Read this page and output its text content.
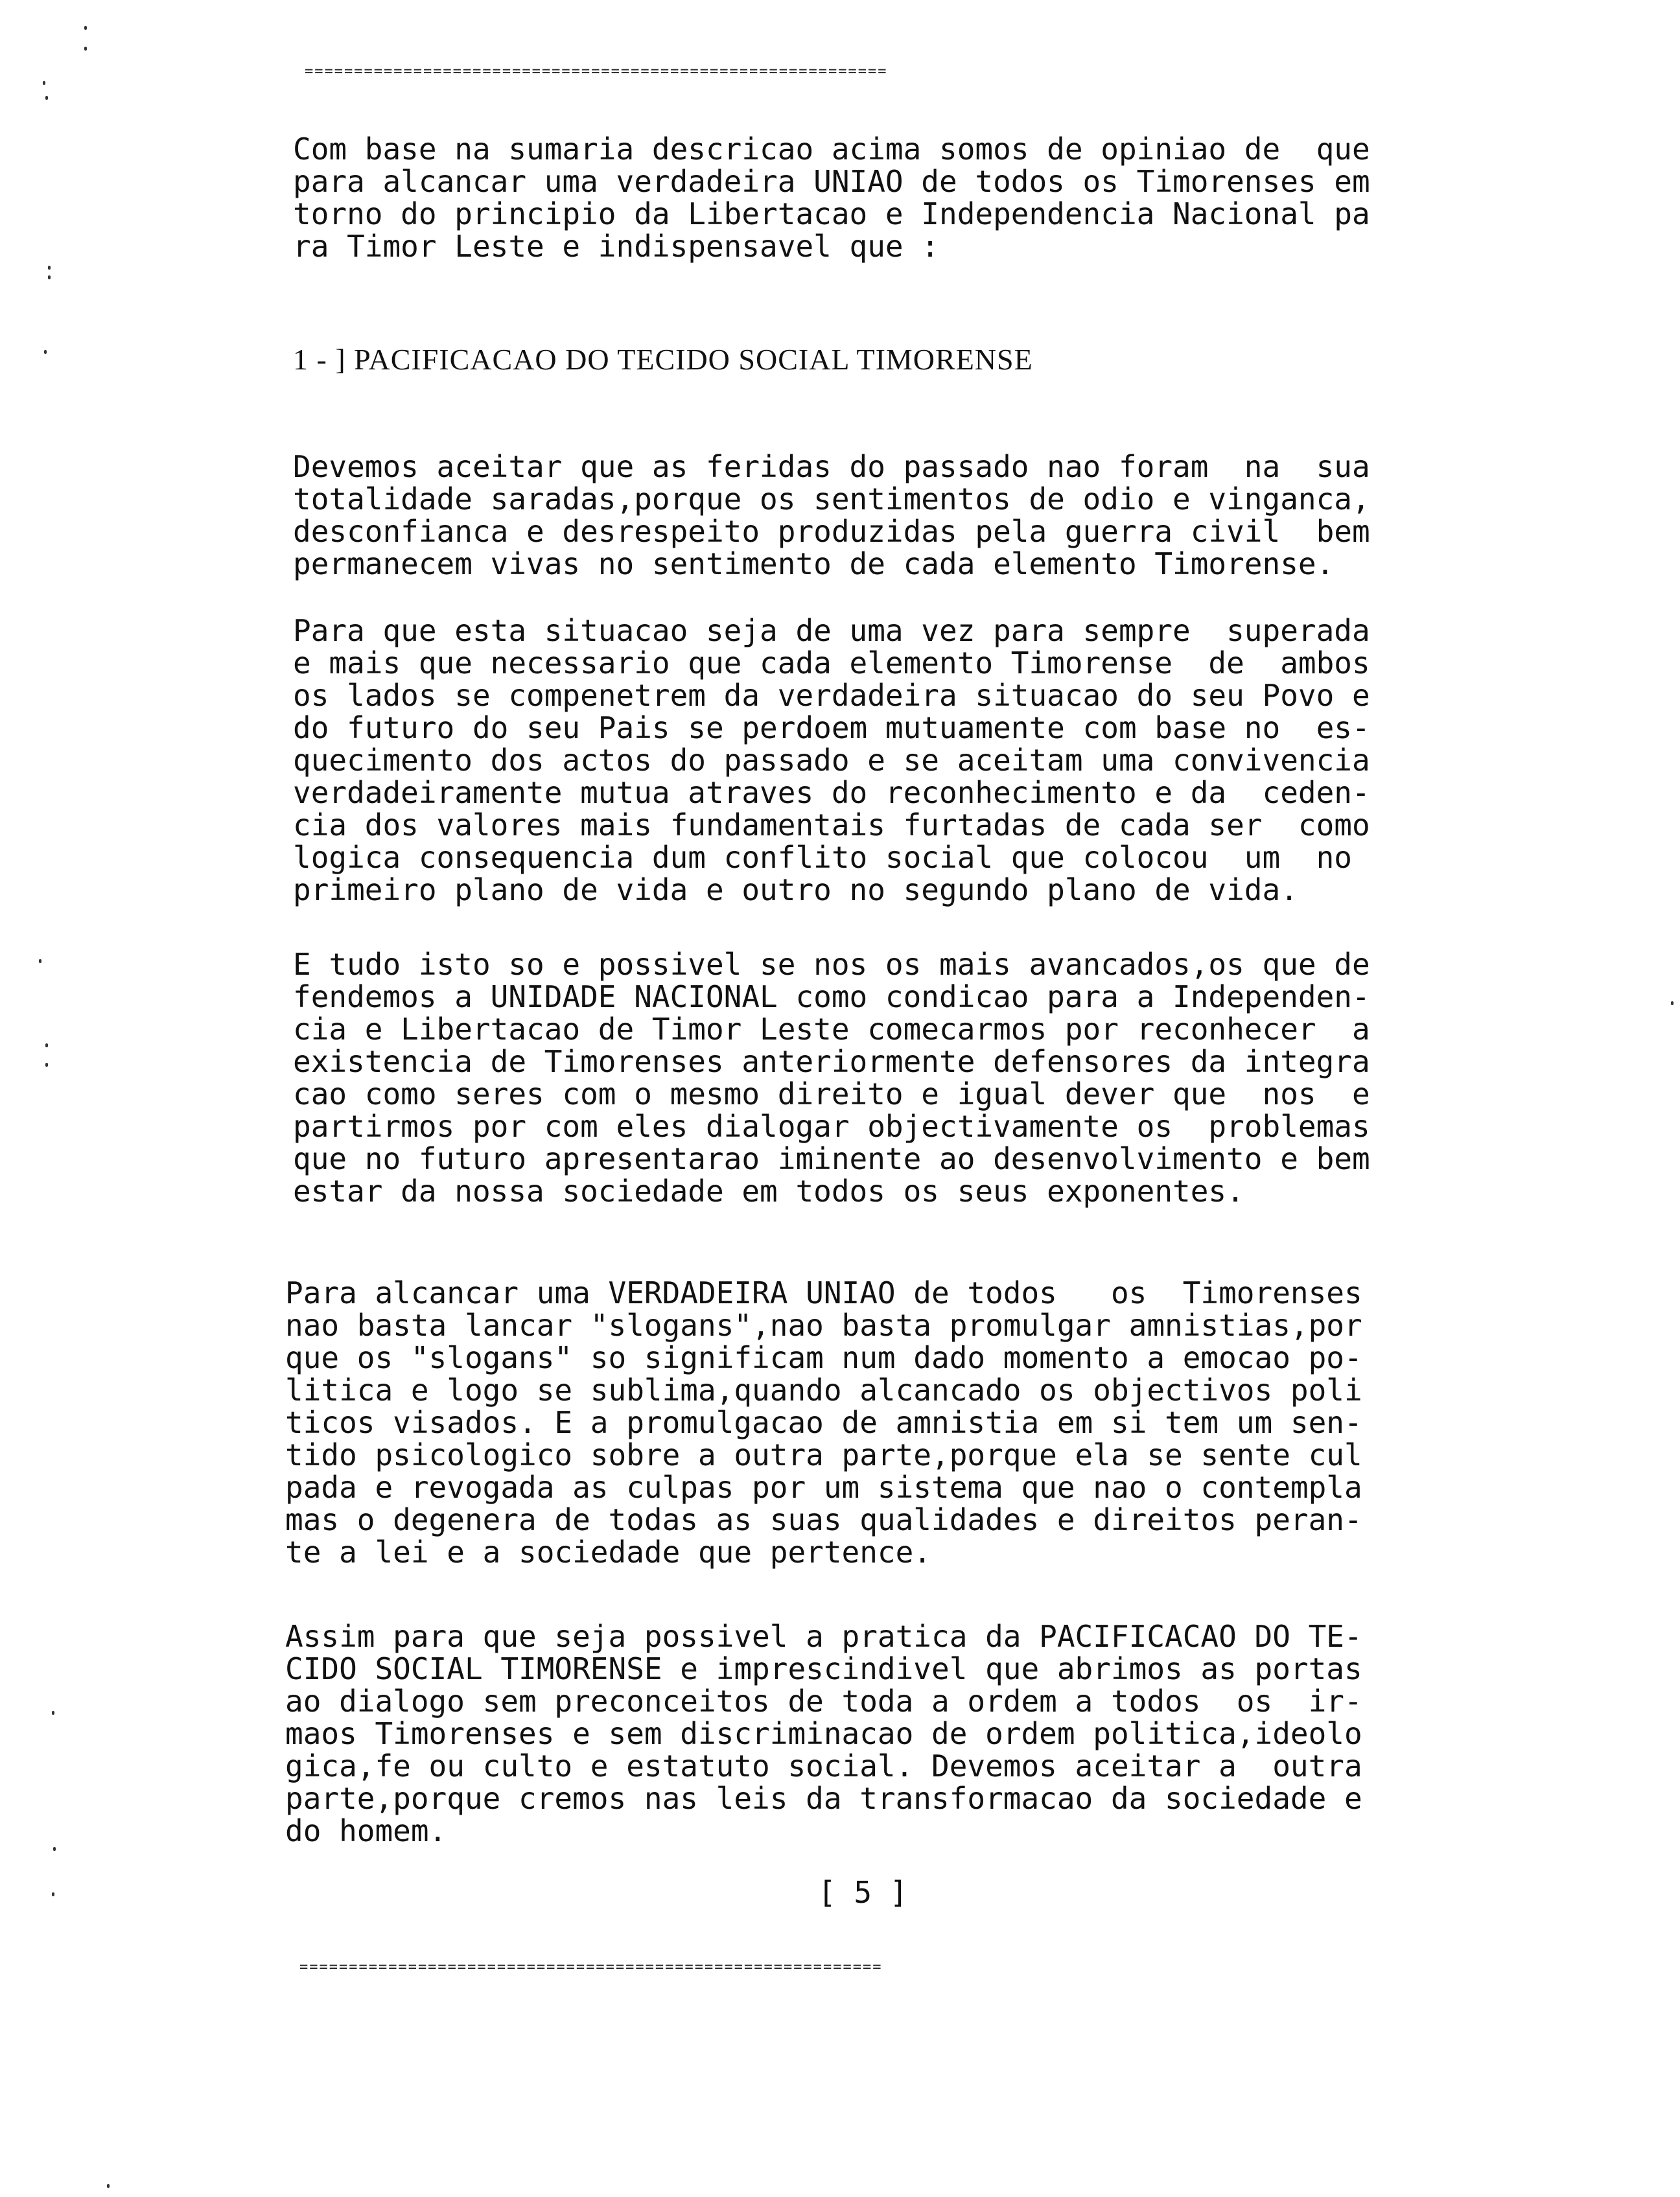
===========================================================
Com base na sumaria descricao acima somos de opiniao de  que
para alcancar uma verdadeira UNIAO de todos os Timorenses em
torno do principio da Libertacao e Independencia Nacional pa
ra Timor Leste e indispensavel que :
1 - ] PACIFICACAO DO TECIDO SOCIAL TIMORENSE
Devemos aceitar que as feridas do passado nao foram  na  sua
totalidade saradas,porque os sentimentos de odio e vinganca,
desconfianca e desrespeito produzidas pela guerra civil  bem
permanecem vivas no sentimento de cada elemento Timorense.
Para que esta situacao seja de uma vez para sempre  superada
e mais que necessario que cada elemento Timorense  de  ambos
os lados se compenetrem da verdadeira situacao do seu Povo e
do futuro do seu Pais se perdoem mutuamente com base no  es-
quecimento dos actos do passado e se aceitam uma convivencia
verdadeiramente mutua atraves do reconhecimento e da  ceden-
cia dos valores mais fundamentais furtadas de cada ser  como
logica consequencia dum conflito social que colocou  um  no
primeiro plano de vida e outro no segundo plano de vida.
E tudo isto so e possivel se nos os mais avancados,os que de
fendemos a UNIDADE NACIONAL como condicao para a Independen-
cia e Libertacao de Timor Leste comecarmos por reconhecer  a
existencia de Timorenses anteriormente defensores da integra
cao como seres com o mesmo direito e igual dever que  nos  e
partirmos por com eles dialogar objectivamente os  problemas
que no futuro apresentarao iminente ao desenvolvimento e bem
estar da nossa sociedade em todos os seus exponentes.
Para alcancar uma VERDADEIRA UNIAO de todos   os  Timorenses
nao basta lancar "slogans",nao basta promulgar amnistias,por
que os "slogans" so significam num dado momento a emocao po-
litica e logo se sublima,quando alcancado os objectivos poli
ticos visados. E a promulgacao de amnistia em si tem um sen-
tido psicologico sobre a outra parte,porque ela se sente cul
pada e revogada as culpas por um sistema que nao o contempla
mas o degenera de todas as suas qualidades e direitos peran-
te a lei e a sociedade que pertence.
Assim para que seja possivel a pratica da PACIFICACAO DO TE-
CIDO SOCIAL TIMORENSE e imprescindivel que abrimos as portas
ao dialogo sem preconceitos de toda a ordem a todos  os  ir-
maos Timorenses e sem discriminacao de ordem politica,ideolo
gica,fe ou culto e estatuto social. Devemos aceitar a  outra
parte,porque cremos nas leis da transformacao da sociedade e
do homem.
[ 5 ]
===========================================================
